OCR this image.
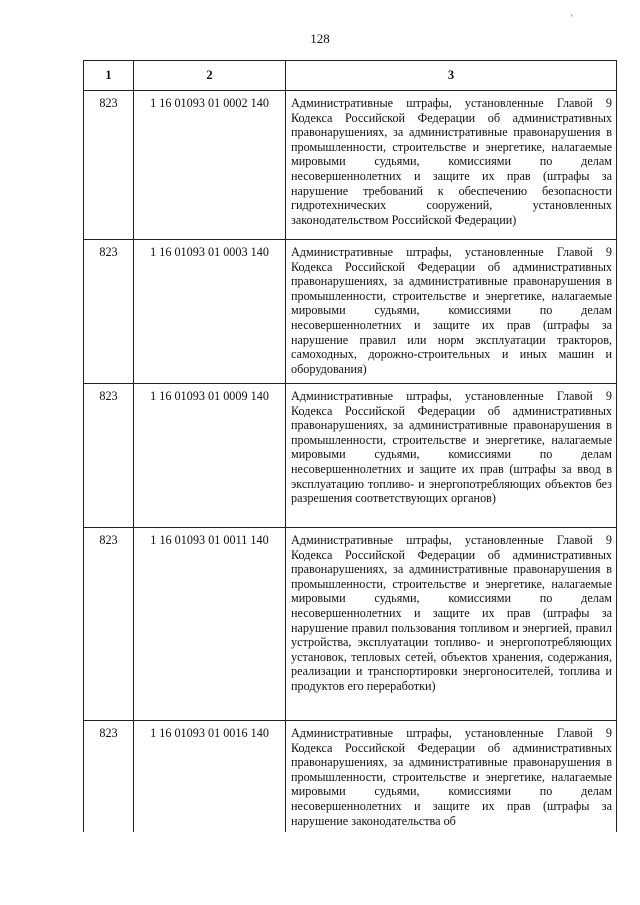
'
128
1	2	3
823	1 16 01093 01 0002 140	Административные штрафы, установленные Главой 9 Кодекса Российской Федерации об административных правонарушениях, за административные правонарушения в промышленности, строительстве и энергетике, налагаемые мировыми судьями, комиссиями по делам несовершеннолетних и защите их прав (штрафы за нарушение требований к обеспечению безопасности гидротехнических сооружений, установленных законодательством Российской Федерации)
823	1 16 01093 01 0003 140	Административные штрафы, установленные Главой 9 Кодекса Российской Федерации об административных правонарушениях, за административные правонарушения в промышленности, строительстве и энергетике, налагаемые мировыми судьями, комиссиями по делам несовершеннолетних и защите их прав (штрафы за нарушение правил или норм эксплуатации тракторов, самоходных, дорожно-строительных и иных машин и оборудования)
823	1 16 01093 01 0009 140	Административные штрафы, установленные Главой 9 Кодекса Российской Федерации об административных правонарушениях, за административные правонарушения в промышленности, строительстве и энергетике, налагаемые мировыми судьями, комиссиями по делам несовершеннолетних и защите их прав (штрафы за ввод в эксплуатацию топливо- и энергопотребляющих объектов без разрешения соответствующих органов)
823	1 16 01093 01 0011 140	Административные штрафы, установленные Главой 9 Кодекса Российской Федерации об административных правонарушениях, за административные правонарушения в промышленности, строительстве и энергетике, налагаемые мировыми судьями, комиссиями по делам несовершеннолетних и защите их прав (штрафы за нарушение правил пользования топливом и энергией, правил устройства, эксплуатации топливо- и энергопотребляющих установок, тепловых сетей, объектов хранения, содержания, реализации и транспортировки энергоносителей, топлива и продуктов его переработки)
823	1 16 01093 01 0016 140	Административные штрафы, установленные Главой 9 Кодекса Российской Федерации об административных правонарушениях, за административные правонарушения в промышленности, строительстве и энергетике, налагаемые мировыми судьями, комиссиями по делам несовершеннолетних и защите их прав (штрафы за нарушение законодательства об
